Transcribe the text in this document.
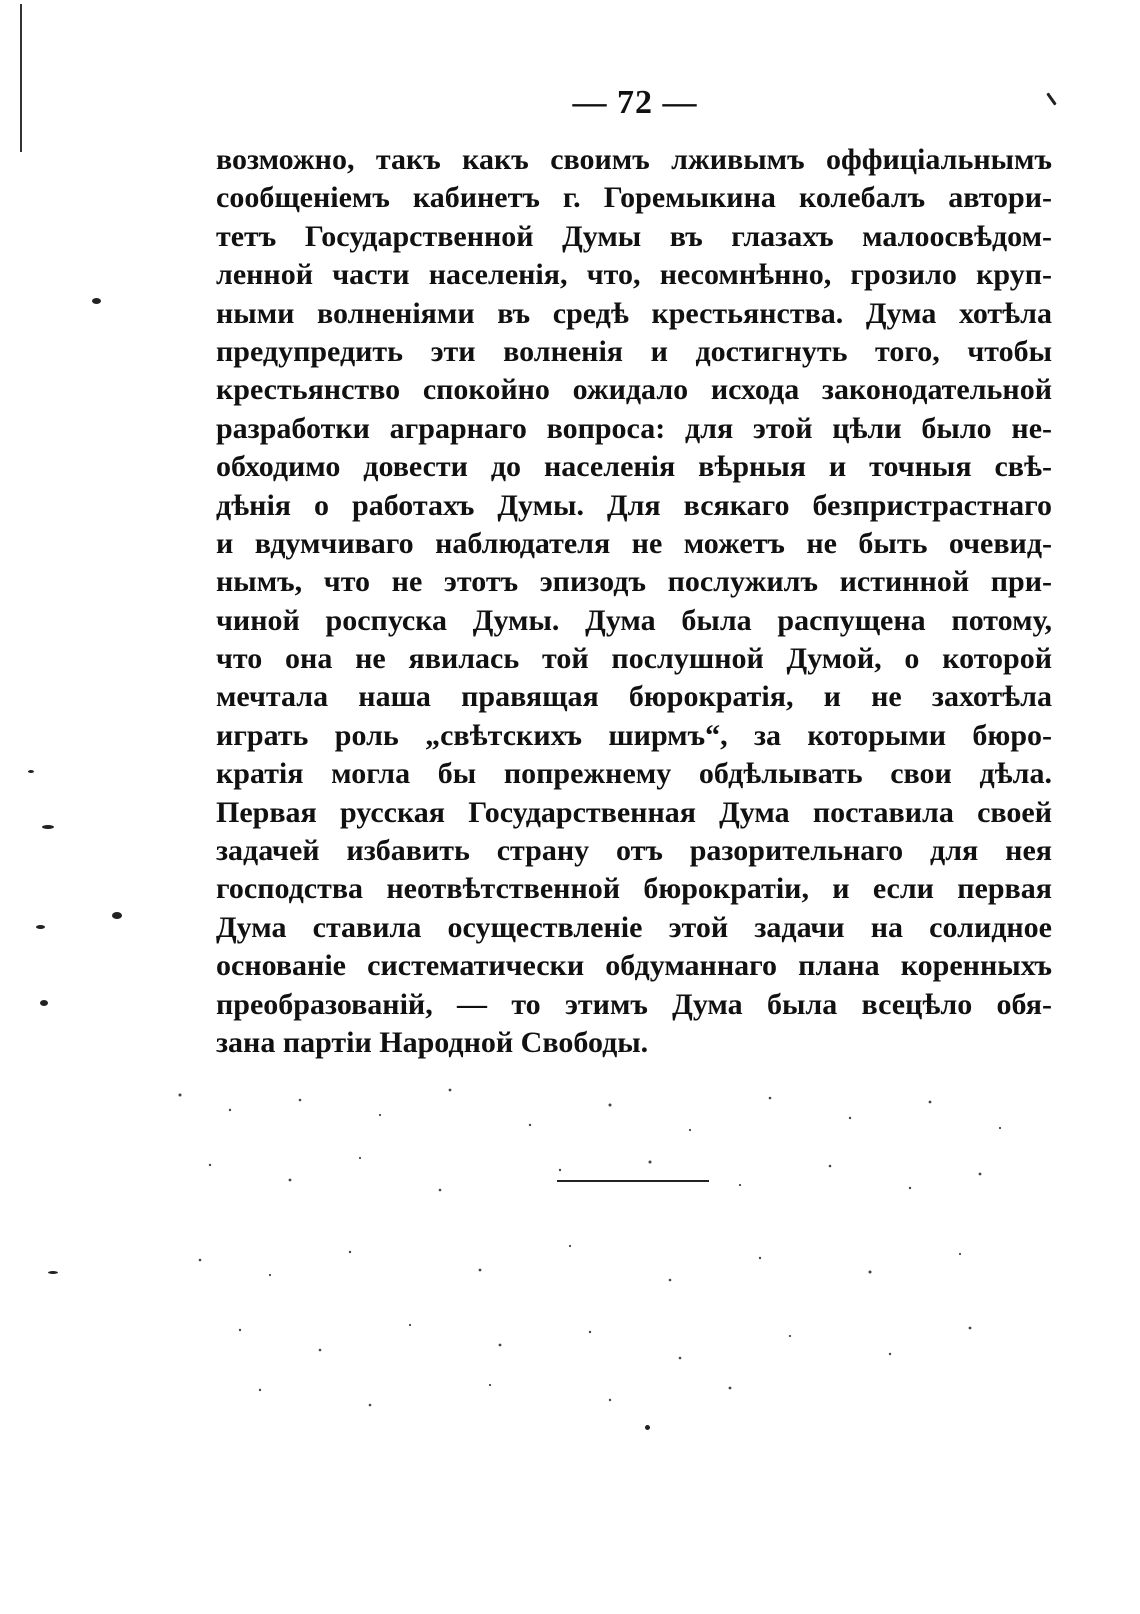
— 72 —
возможно, такъ какъ своимъ лживымъ оффиціальнымъ
сообщеніемъ кабинетъ г. Горемыкина колебалъ автори-
тетъ Государственной Думы въ глазахъ малоосвѣдом-
ленной части населенія, что, несомнѣнно, грозило круп-
ными волненіями въ средѣ крестьянства. Дума хотѣла
предупредить эти волненія и достигнуть того, чтобы
крестьянство спокойно ожидало исхода законодательной
разработки аграрнаго вопроса: для этой цѣли было не-
обходимо довести до населенія вѣрныя и точныя свѣ-
дѣнія о работахъ Думы. Для всякаго безпристрастнаго
и вдумчиваго наблюдателя не можетъ не быть очевид-
нымъ, что не этотъ эпизодъ послужилъ истинной при-
чиной роспуска Думы. Дума была распущена потому,
что она не явилась той послушной Думой, о которой
мечтала наша правящая бюрократія, и не захотѣла
играть роль „свѣтскихъ ширмъ“, за которыми бюро-
кратія могла бы попрежнему обдѣлывать свои дѣла.
Первая русская Государственная Дума поставила своей
задачей избавить страну отъ разорительнаго для нея
господства неотвѣтственной бюрократіи, и если первая
Дума ставила осуществленіе этой задачи на солидное
основаніе систематически обдуманнаго плана коренныхъ
преобразованій, — то этимъ Дума была всецѣло обя-
зана партіи Народной Свободы.
